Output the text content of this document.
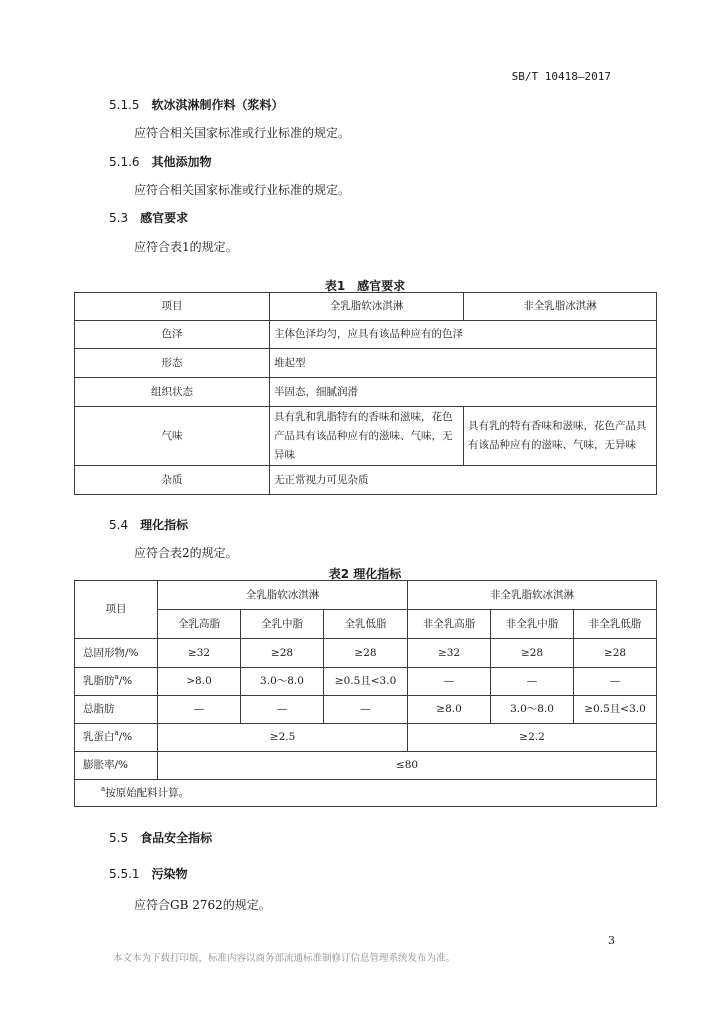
SB/T 10418—2017
5.1.5 软冰淇淋制作料（浆料）
应符合相关国家标准或行业标准的规定。
5.1.6 其他添加物
应符合相关国家标准或行业标准的规定。
5.3 感官要求
应符合表1的规定。
表1　感官要求
项目	全乳脂软冰淇淋	非全乳脂冰淇淋
色泽	主体色泽均匀，应具有该品种应有的色泽	
形态	堆起型	
组织状态	半固态，细腻润滑	
气味	具有乳和乳脂特有的香味和滋味，花色产品具有该品种应有的滋味、气味，无异味	具有乳的特有香味和滋味，花色产品具有该品种应有的滋味、气味，无异味
杂质	无正常视力可见杂质	
5.4 理化指标
应符合表2的规定。
表2 理化指标
项目	全乳脂软冰淇淋			非全乳脂软冰淇淋		
	全乳高脂	全乳中脂	全乳低脂	非全乳高脂	非全乳中脂	非全乳低脂
总固形物/%	≥32	≥28	≥28	≥32	≥28	≥28
乳脂肪$^a$/%	>8.0	3.0～8.0	≥0.5且<3.0	—	—	—
总脂肪	—	—	—	≥8.0	3.0～8.0	≥0.5且<3.0
乳蛋白$^a$/%	≥2.5			≥2.2		
膨胀率/%	≤80					
$^a$按原始配料计算。						
5.5 食品安全指标
5.5.1 污染物
应符合GB 2762的规定。
3
本文本为下载打印版，标准内容以商务部流通标准制修订信息管理系统发布为准。
